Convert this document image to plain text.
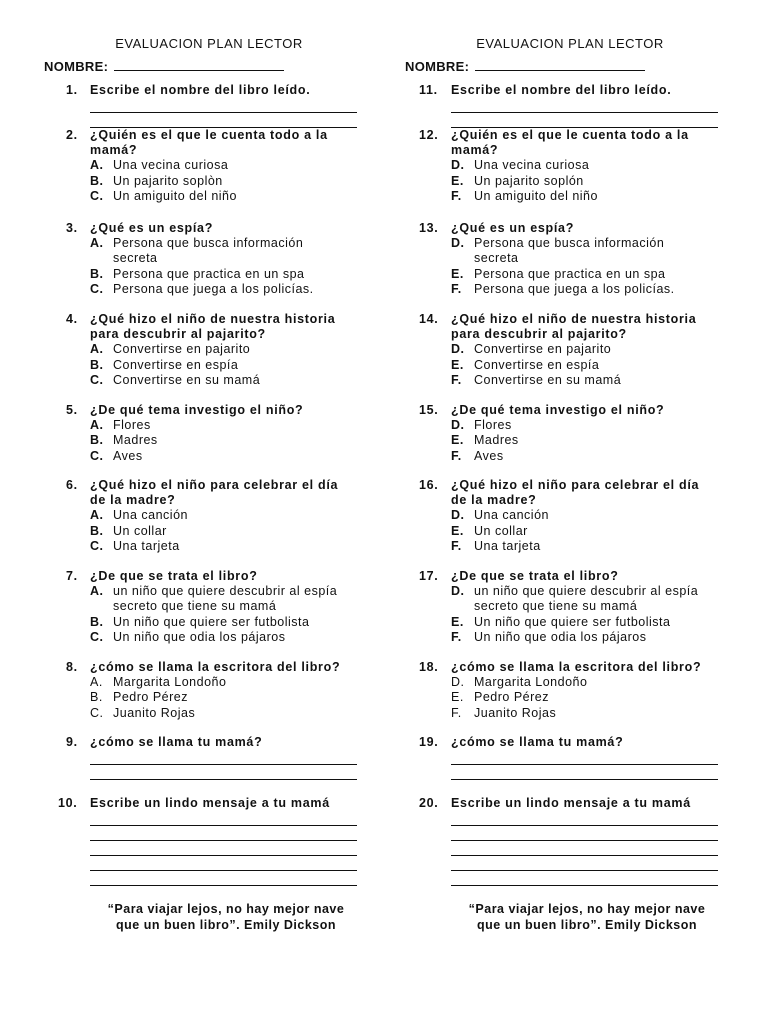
EVALUACION PLAN LECTOR
NOMBRE:
1. Escribe el nombre del libro leído.
2. ¿Quién es el que le cuenta todo a la
mamá?
A. Una vecina curiosa
B. Un pajarito soplòn
C. Un amiguito del niño
3. ¿Qué es un espía?
A. Persona que busca información
secreta
B. Persona que practica en un spa
C. Persona que juega a los policías.
4. ¿Qué hizo el niño de nuestra historia
para descubrir al pajarito?
A. Convertirse en pajarito
B. Convertirse en espía
C. Convertirse en su mamá
5. ¿De qué tema investigo el niño?
A. Flores
B. Madres
C. Aves
6. ¿Qué hizo el niño para celebrar el día
de la madre?
A. Una canción
B. Un collar
C. Una tarjeta
7. ¿De que se trata el libro?
A. un niño que quiere descubrir al espía
secreto que tiene su mamá
B. Un niño que quiere ser futbolista
C. Un niño que odia los pájaros
8. ¿cómo se llama la escritora del libro?
A. Margarita Londoño
B. Pedro Pérez
C. Juanito Rojas
9. ¿cómo se llama tu mamá?
10. Escribe un lindo mensaje a tu mamá
“Para viajar lejos, no hay mejor nave
que un buen libro”. Emily Dickson
EVALUACION PLAN LECTOR
NOMBRE:
11. Escribe el nombre del libro leído.
12. ¿Quién es el que le cuenta todo a la
mamá?
D. Una vecina curiosa
E. Un pajarito soplón
F. Un amiguito del niño
13. ¿Qué es un espía?
D. Persona que busca información
secreta
E. Persona que practica en un spa
F. Persona que juega a los policías.
14. ¿Qué hizo el niño de nuestra historia
para descubrir al pajarito?
D. Convertirse en pajarito
E. Convertirse en espía
F. Convertirse en su mamá
15. ¿De qué tema investigo el niño?
D. Flores
E. Madres
F. Aves
16. ¿Qué hizo el niño para celebrar el día
de la madre?
D. Una canción
E. Un collar
F. Una tarjeta
17. ¿De que se trata el libro?
D. un niño que quiere descubrir al espía
secreto que tiene su mamá
E. Un niño que quiere ser futbolista
F. Un niño que odia los pájaros
18. ¿cómo se llama la escritora del libro?
D. Margarita Londoño
E. Pedro Pérez
F. Juanito Rojas
19. ¿cómo se llama tu mamá?
20. Escribe un lindo mensaje a tu mamá
“Para viajar lejos, no hay mejor nave
que un buen libro”. Emily Dickson
